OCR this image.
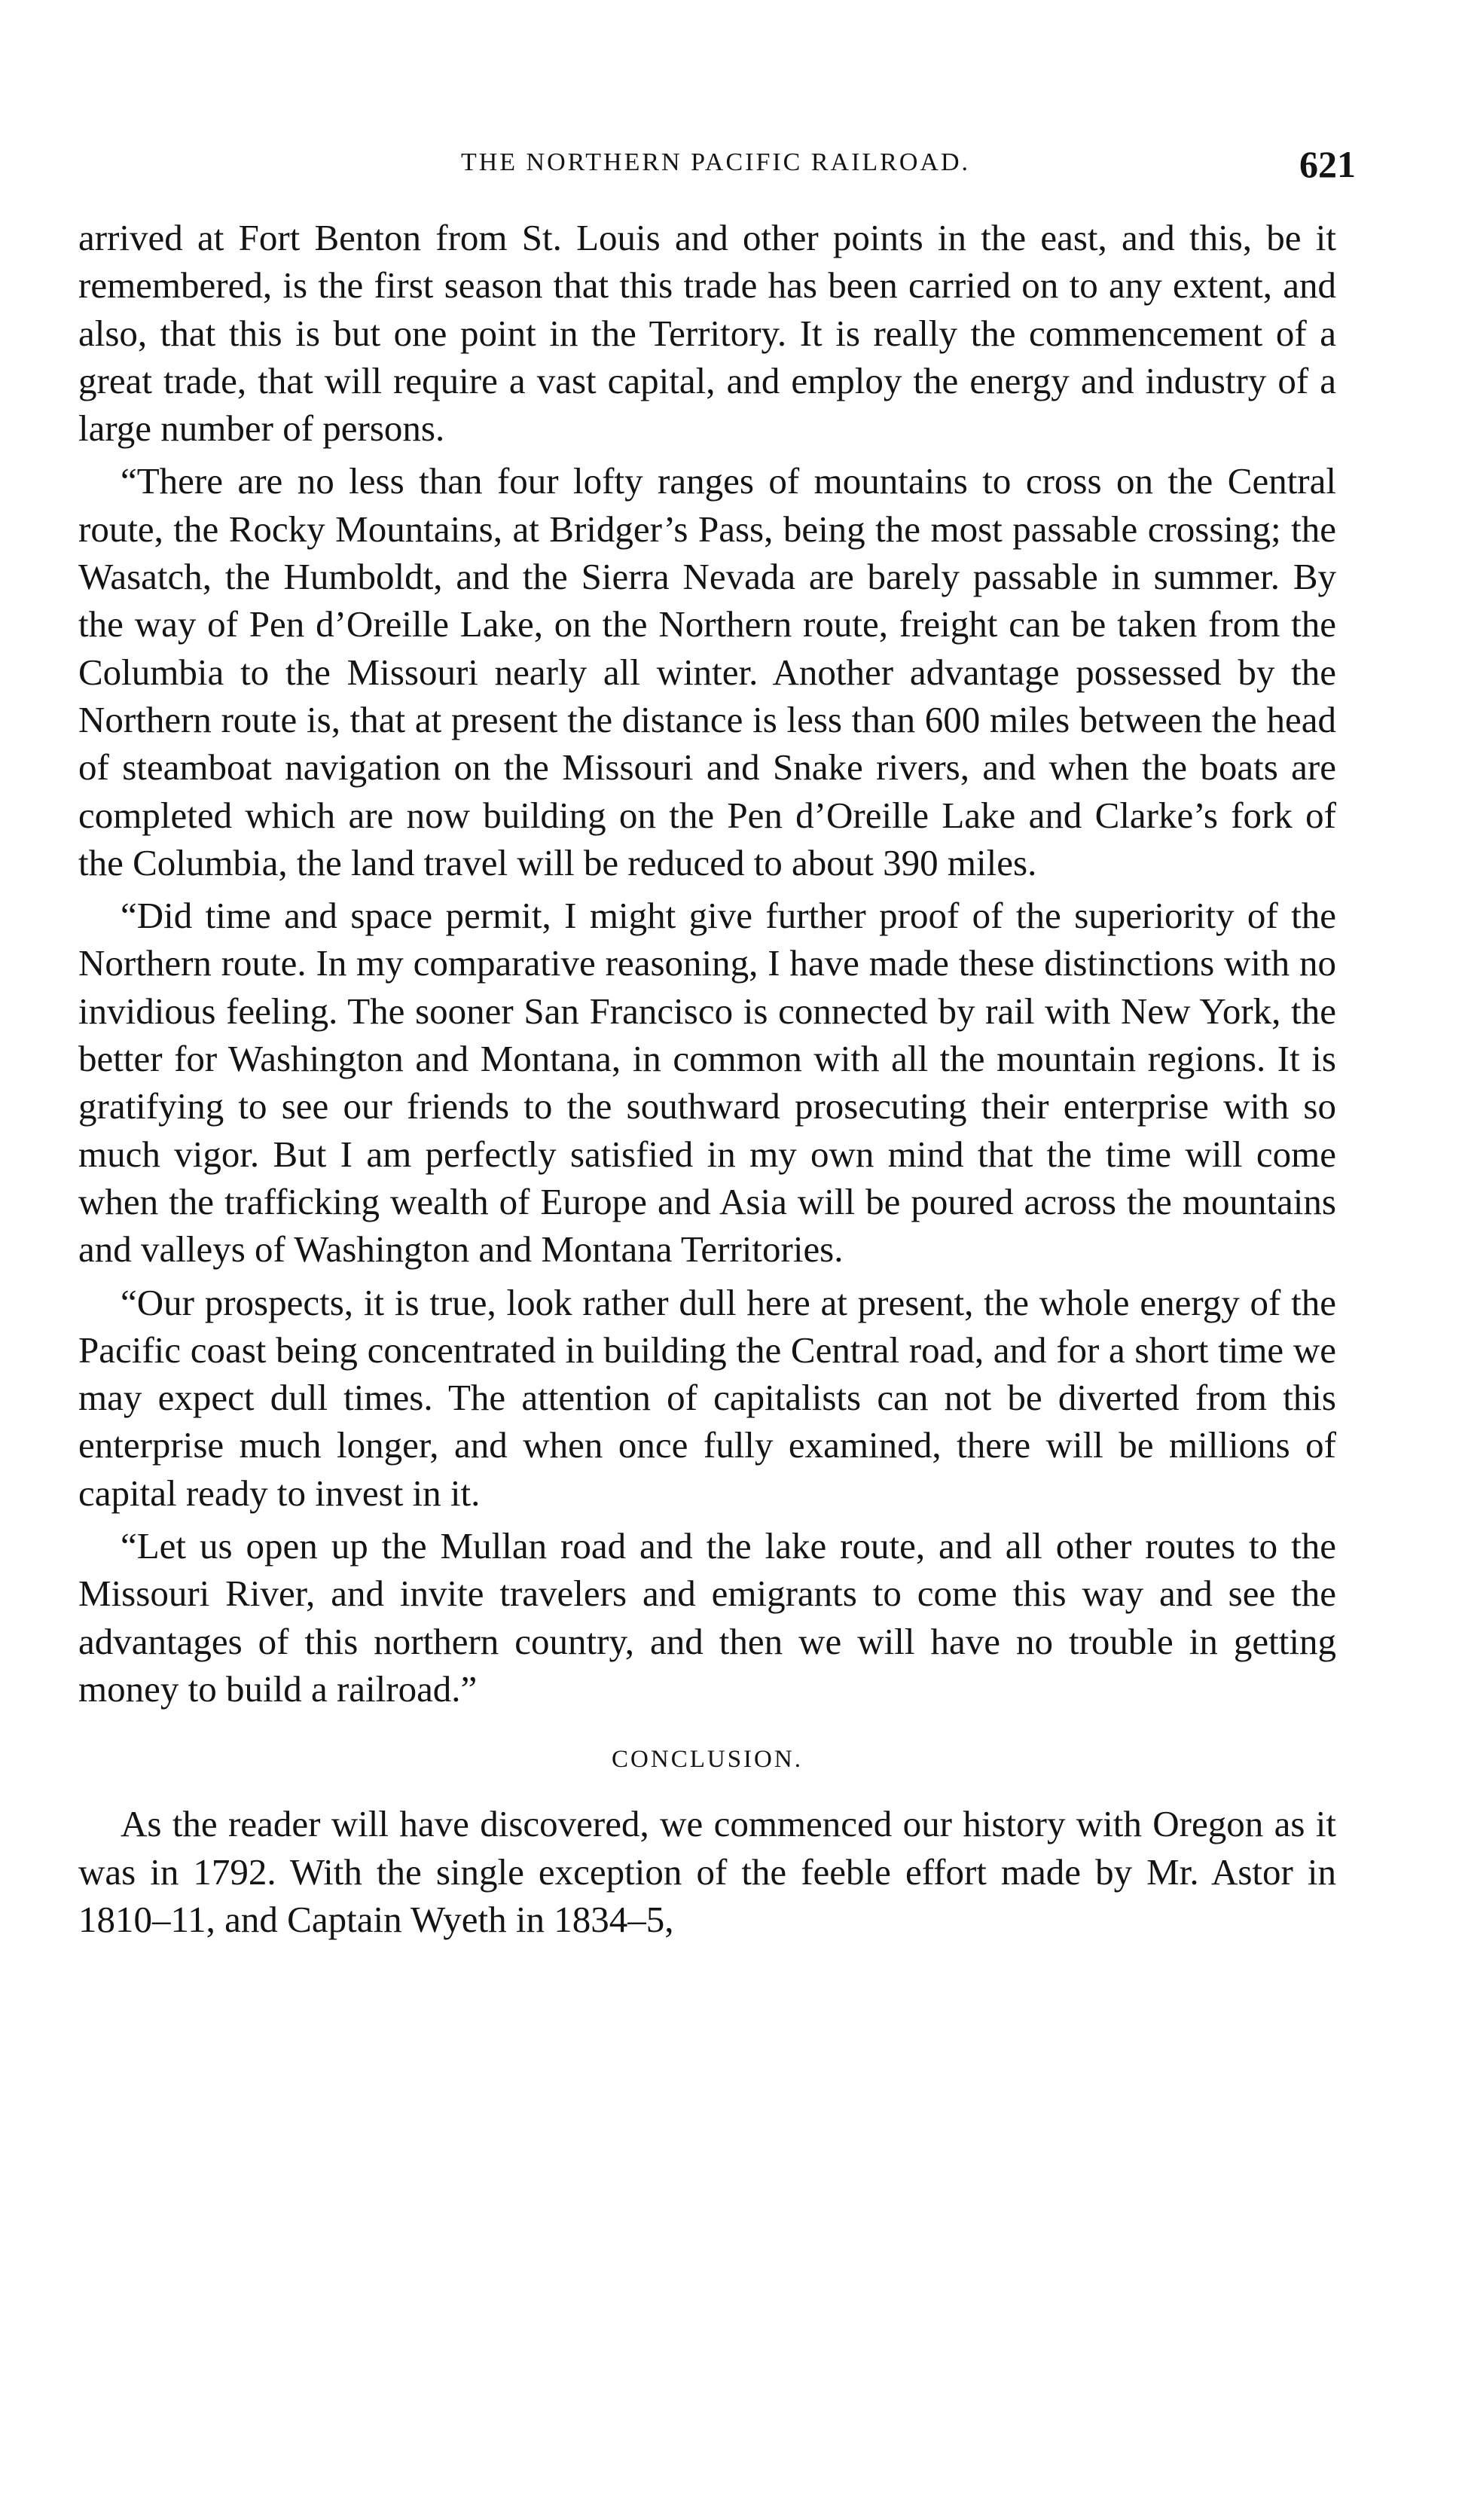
THE NORTHERN PACIFIC RAILROAD.	621

arrived at Fort Benton from St. Louis and other points in the east, and this, be it remembered, is the first season that this trade has been carried on to any extent, and also, that this is but one point in the Territory. It is really the commencement of a great trade, that will require a vast capital, and employ the energy and industry of a large number of persons.

“There are no less than four lofty ranges of mountains to cross on the Central route, the Rocky Mountains, at Bridger’s Pass, being the most passable crossing; the Wasatch, the Humboldt, and the Sierra Nevada are barely passable in summer. By the way of Pen d’Oreille Lake, on the Northern route, freight can be taken from the Columbia to the Missouri nearly all winter. Another advantage possessed by the Northern route is, that at present the distance is less than 600 miles between the head of steamboat navigation on the Missouri and Snake rivers, and when the boats are completed which are now building on the Pen d’Oreille Lake and Clarke’s fork of the Columbia, the land travel will be reduced to about 390 miles.

“Did time and space permit, I might give further proof of the superiority of the Northern route. In my comparative reasoning, I have made these distinctions with no invidious feeling. The sooner San Francisco is connected by rail with New York, the better for Washington and Montana, in common with all the mountain regions. It is gratifying to see our friends to the southward prosecuting their enterprise with so much vigor. But I am perfectly satisfied in my own mind that the time will come when the trafficking wealth of Europe and Asia will be poured across the mountains and valleys of Washington and Montana Territories.

“Our prospects, it is true, look rather dull here at present, the whole energy of the Pacific coast being concentrated in building the Central road, and for a short time we may expect dull times. The attention of capitalists can not be diverted from this enterprise much longer, and when once fully examined, there will be millions of capital ready to invest in it.

“Let us open up the Mullan road and the lake route, and all other routes to the Missouri River, and invite travelers and emigrants to come this way and see the advantages of this northern country, and then we will have no trouble in getting money to build a railroad.”

CONCLUSION.

As the reader will have discovered, we commenced our history with Oregon as it was in 1792. With the single exception of the feeble effort made by Mr. Astor in 1810–11, and Captain Wyeth in 1834–5,
